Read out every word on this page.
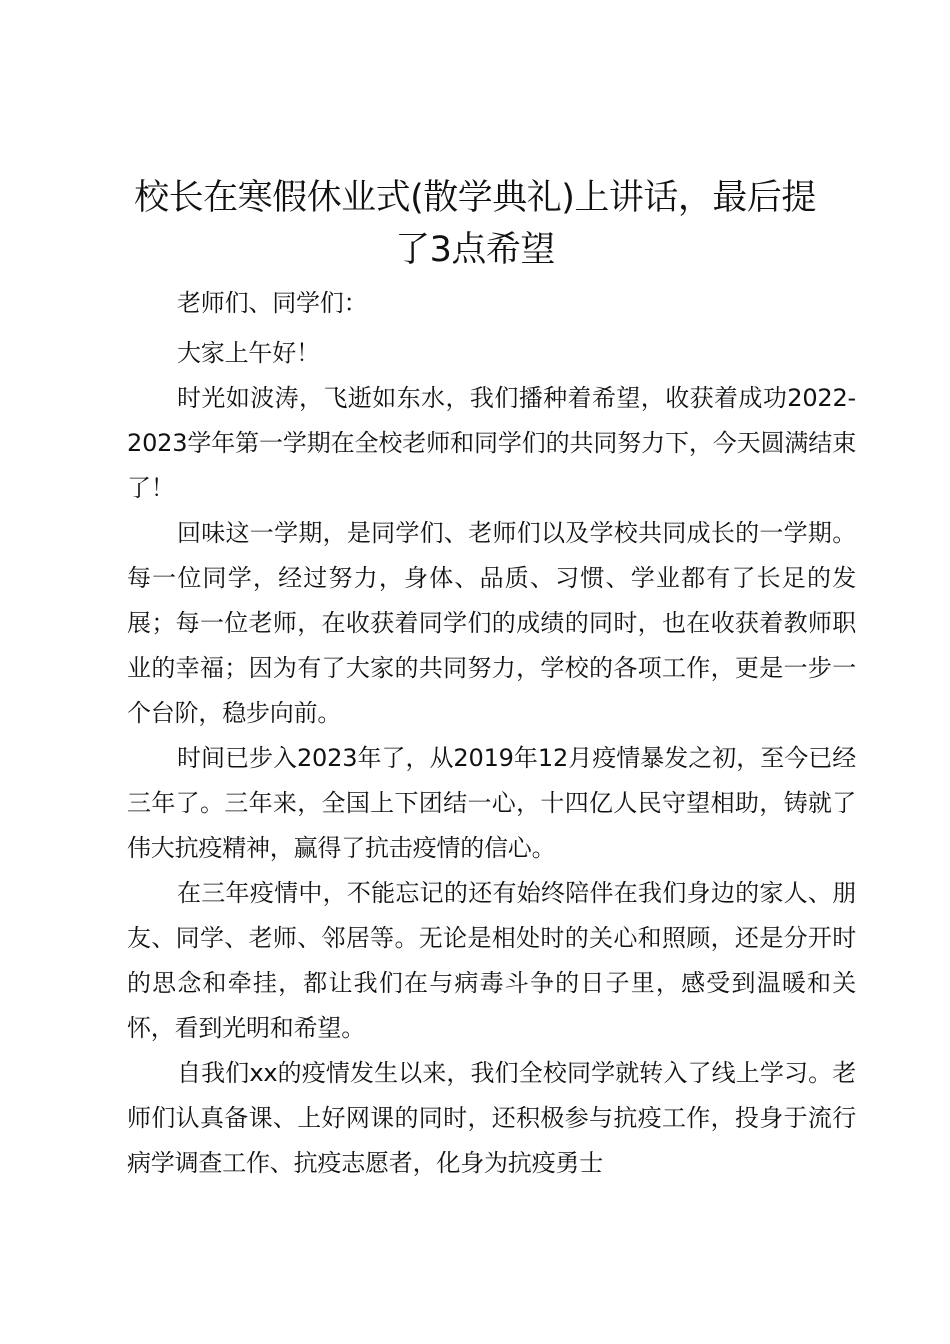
校长在寒假休业式(散学典礼)上讲话，最后提了3点希望

老师们、同学们：

大家上午好！

时光如波涛，飞逝如东水，我们播种着希望，收获着成功2022-2023学年第一学期在全校老师和同学们的共同努力下，今天圆满结束了！

回味这一学期，是同学们、老师们以及学校共同成长的一学期。每一位同学，经过努力，身体、品质、习惯、学业都有了长足的发展；每一位老师，在收获着同学们的成绩的同时，也在收获着教师职业的幸福；因为有了大家的共同努力，学校的各项工作，更是一步一个台阶，稳步向前。

时间已步入2023年了，从2019年12月疫情暴发之初，至今已经三年了。三年来，全国上下团结一心，十四亿人民守望相助，铸就了伟大抗疫精神，赢得了抗击疫情的信心。

在三年疫情中，不能忘记的还有始终陪伴在我们身边的家人、朋友、同学、老师、邻居等。无论是相处时的关心和照顾，还是分开时的思念和牵挂，都让我们在与病毒斗争的日子里，感受到温暖和关怀，看到光明和希望。

自我们xx的疫情发生以来，我们全校同学就转入了线上学习。老师们认真备课、上好网课的同时，还积极参与抗疫工作，投身于流行病学调查工作、抗疫志愿者，化身为抗疫勇士
